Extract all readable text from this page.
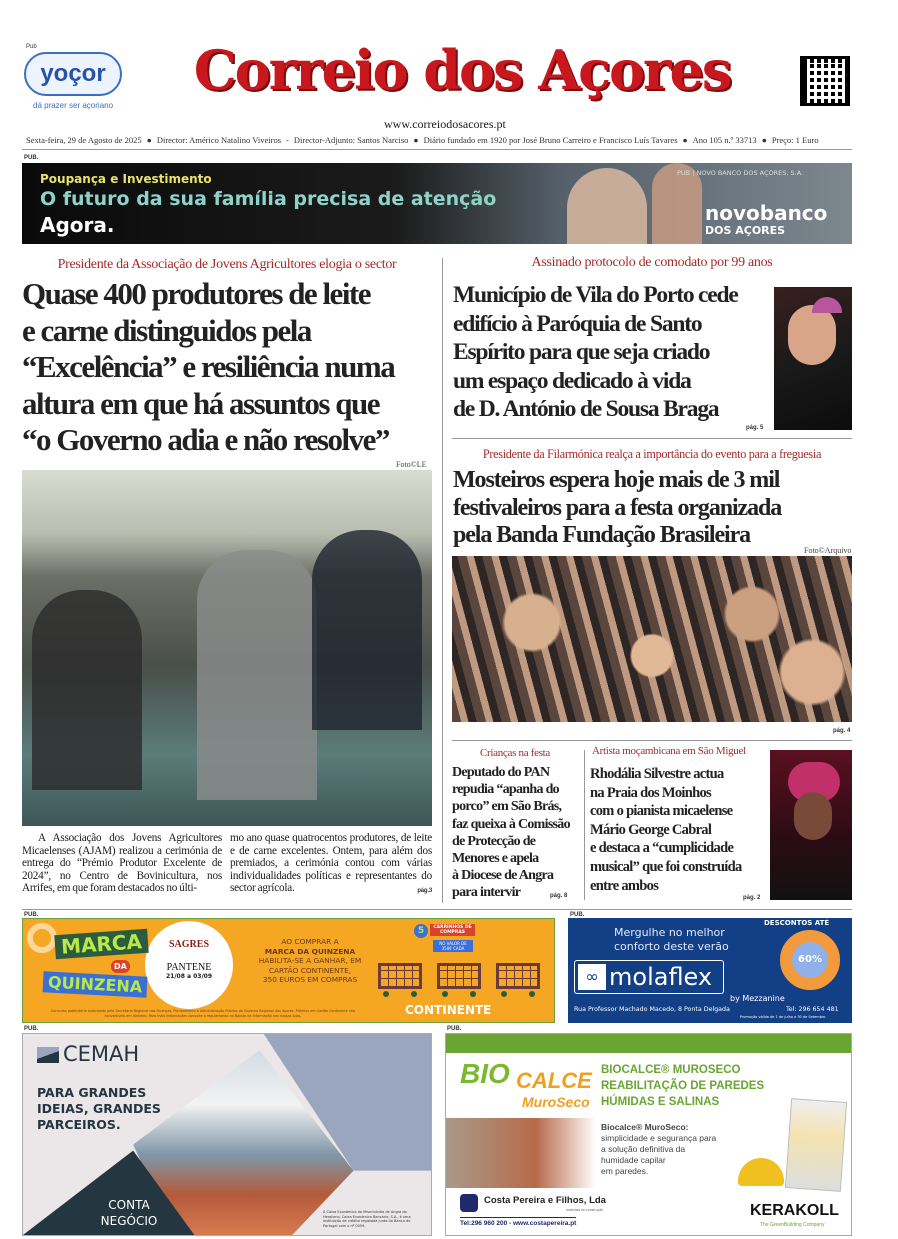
Pub
yoçor
dá prazer ser açoriano
Correio dos Açores
www.correiodosacores.pt
Sexta-feira, 29 de Agosto de 2025 ● Director: Américo Natalino Viveiros - Director-Adjunto: Santos Narciso ● Diário fundado em 1920 por José Bruno Carreiro e Francisco Luís Tavares ● Ano 105 n.º 33713 ● Preço: 1 Euro
PUB.
Poupança e Investimento
O futuro da sua família precisa de atenção
Agora.
PUB | NOVO BANCO DOS AÇORES, S.A.
novobanco
DOS AÇORES
Presidente da Associação de Jovens Agricultores elogia o sector
Quase 400 produtores de leite
e carne distinguidos pela
“Excelência” e resiliência numa
altura em que há assuntos que
“o Governo adia e não resolve”
Foto©LE
A Associação dos Jovens Agricultores Micaelenses (AJAM) realizou a cerimónia de entrega do “Prémio Produtor Excelente de 2024”, no Centro de Bovinicultura, nos Arrifes, em que foram destacados no últi-
mo ano quase quatrocentos produtores, de leite e de carne excelentes. Ontem, para além dos premiados, a cerimónia contou com várias individualidades políticas e representantes do sector agrícola.	pág.3
Assinado protocolo de comodato por 99 anos
Município de Vila do Porto cede
edifício à Paróquia de Santo
Espírito para que seja criado
um espaço dedicado à vida
de D. António de Sousa Braga
pág. 5
Presidente da Filarmónica realça a importância do evento para a freguesia
Mosteiros espera hoje mais de 3 mil
festivaleiros para a festa organizada
pela Banda Fundação Brasileira
Foto©Arquivo
pág. 4
Crianças na festa
Deputado do PAN
repudia “apanha do
porco” em São Brás,
faz queixa à Comissão
de Protecção de
Menores e apela
à Diocese de Angra
para intervir	pág. 8
Artista moçambicana em São Miguel
Rhodália Silvestre actua
na Praia dos Moinhos
com o pianista micaelense
Mário George Cabral
e destaca a “cumplicidade
musical” que foi construída
entre ambos
pág. 2
PUB.
SAGRES
PANTENE
21/08 a 03/09
MARCA
DA
QUINZENA
AO COMPRAR A
MARCA DA QUINZENA
HABILITA-SE A GANHAR, EM
CARTÃO CONTINENTE,
350 EUROS EM COMPRAS
Concurso publicitário autorizado pela Secretaria Regional das Finanças, Planeamento e Administração Pública do Governo Regional dos Açores. Prémios em Cartão Continente não convertíveis em dinheiro. Para mais informações consulte o regulamento no Balcão de Informação nas nossas lojas.
5	CARRINHOS DE COMPRAS
NO VALOR DE 350€ CADA
CONTINENTE
PUB.
Mergulhe no melhor
conforto deste verão
∞ molaflex
by Mezzanine
DESCONTOS ATÉ
60%
Rua Professor Machado Macedo, 8 Ponta Delgada	Tel: 296 654 481
Promoção válida de 1 de Julho a 30 de Setembro
PUB.
CEMAH
PARA GRANDES
IDEIAS, GRANDES
PARCEIROS.
CONTA
NEGÓCIO
A Caixa Económica da Misericórdia de Angra do Heroísmo, Caixa Económica Bancária, S.A., é uma instituição de crédito registada junto do Banco de Portugal com o nº 0059.
PUB.
BIO CALCE
MuroSeco
BIOCALCE® MUROSECO
REABILITAÇÃO DE PAREDES
HÚMIDAS E SALINAS
Biocalce® MuroSeco:
simplicidade e segurança para
a solução definitiva da
humidade capilar
em paredes.
Costa Pereira e Filhos, Lda
materiais de construção
Tel:296 960 200 - www.costapereira.pt
KERAKOLL
The GreenBuilding Company
